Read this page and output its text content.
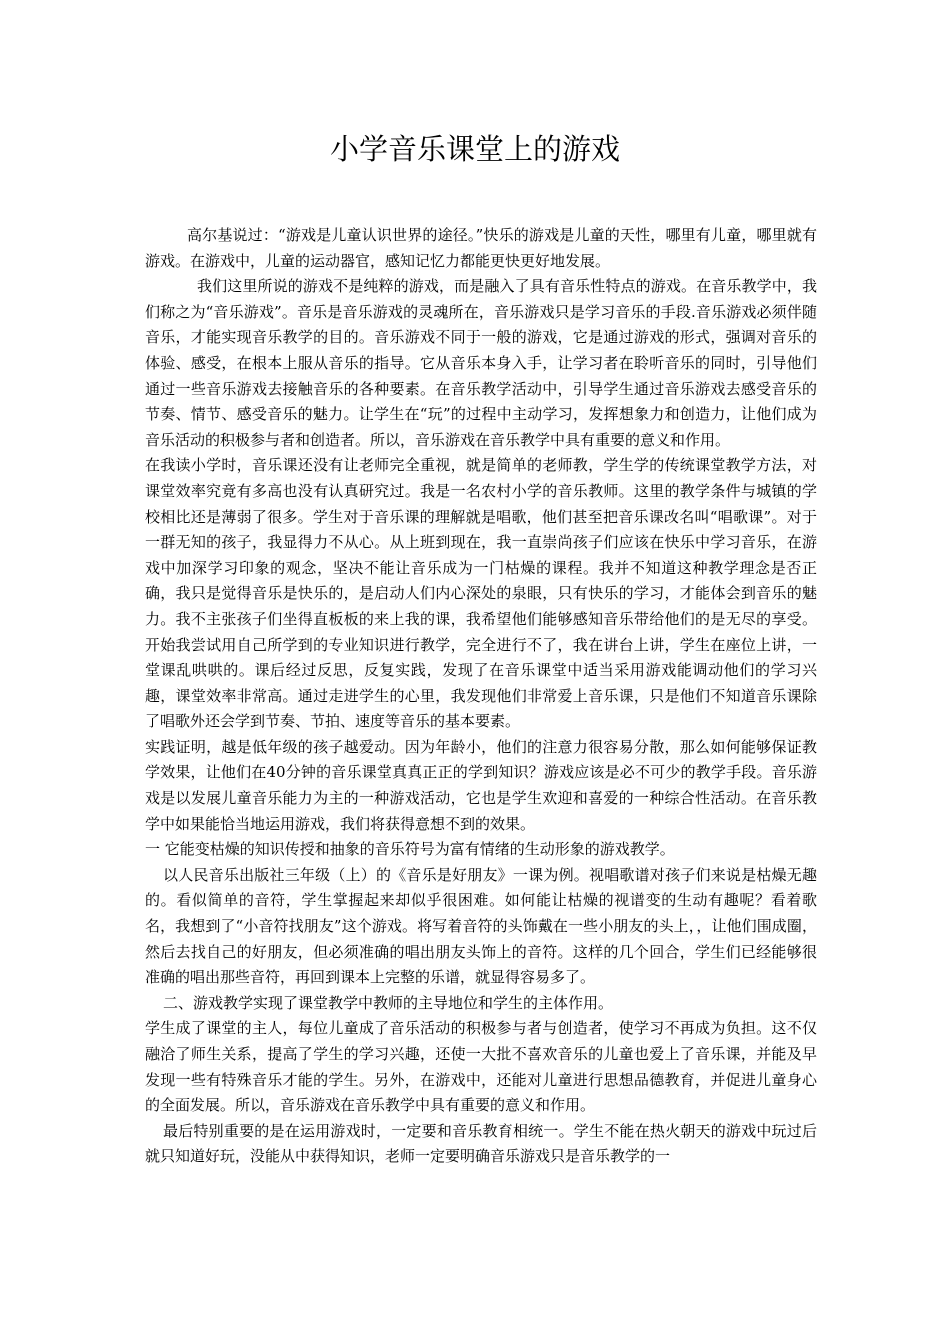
小学音乐课堂上的游戏

高尔基说过：“游戏是儿童认识世界的途径。”快乐的游戏是儿童的天性，哪里有儿童，哪里就有游戏。在游戏中，儿童的运动器官，感知记忆力都能更快更好地发展。

我们这里所说的游戏不是纯粹的游戏，而是融入了具有音乐性特点的游戏。在音乐教学中，我们称之为“音乐游戏”。音乐是音乐游戏的灵魂所在，音乐游戏只是学习音乐的手段.音乐游戏必须伴随音乐，才能实现音乐教学的目的。音乐游戏不同于一般的游戏，它是通过游戏的形式，强调对音乐的体验、感受，在根本上服从音乐的指导。它从音乐本身入手，让学习者在聆听音乐的同时，引导他们通过一些音乐游戏去接触音乐的各种要素。在音乐教学活动中，引导学生通过音乐游戏去感受音乐的节奏、情节、感受音乐的魅力。让学生在“玩”的过程中主动学习，发挥想象力和创造力，让他们成为音乐活动的积极参与者和创造者。所以，音乐游戏在音乐教学中具有重要的意义和作用。

在我读小学时，音乐课还没有让老师完全重视，就是简单的老师教，学生学的传统课堂教学方法，对课堂效率究竟有多高也没有认真研究过。我是一名农村小学的音乐教师。这里的教学条件与城镇的学校相比还是薄弱了很多。学生对于音乐课的理解就是唱歌，他们甚至把音乐课改名叫“唱歌课”。对于一群无知的孩子，我显得力不从心。从上班到现在，我一直崇尚孩子们应该在快乐中学习音乐，在游戏中加深学习印象的观念，坚决不能让音乐成为一门枯燥的课程。我并不知道这种教学理念是否正确，我只是觉得音乐是快乐的，是启动人们内心深处的泉眼，只有快乐的学习，才能体会到音乐的魅力。我不主张孩子们坐得直板板的来上我的课，我希望他们能够感知音乐带给他们的是无尽的享受。开始我尝试用自己所学到的专业知识进行教学，完全进行不了，我在讲台上讲，学生在座位上讲，一堂课乱哄哄的。课后经过反思，反复实践，发现了在音乐课堂中适当采用游戏能调动他们的学习兴趣，课堂效率非常高。通过走进学生的心里，我发现他们非常爱上音乐课，只是他们不知道音乐课除了唱歌外还会学到节奏、节拍、速度等音乐的基本要素。

实践证明，越是低年级的孩子越爱动。因为年龄小，他们的注意力很容易分散，那么如何能够保证教学效果，让他们在40分钟的音乐课堂真真正正的学到知识？游戏应该是必不可少的教学手段。音乐游戏是以发展儿童音乐能力为主的一种游戏活动，它也是学生欢迎和喜爱的一种综合性活动。在音乐教学中如果能恰当地运用游戏，我们将获得意想不到的效果。

一 它能变枯燥的知识传授和抽象的音乐符号为富有情绪的生动形象的游戏教学。

以人民音乐出版社三年级（上）的《音乐是好朋友》一课为例。视唱歌谱对孩子们来说是枯燥无趣的。看似简单的音符，学生掌握起来却似乎很困难。如何能让枯燥的视谱变的生动有趣呢？看着歌名，我想到了“小音符找朋友”这个游戏。将写着音符的头饰戴在一些小朋友的头上，，让他们围成圈，然后去找自己的好朋友，但必须准确的唱出朋友头饰上的音符。这样的几个回合，学生们已经能够很准确的唱出那些音符，再回到课本上完整的乐谱，就显得容易多了。

二、游戏教学实现了课堂教学中教师的主导地位和学生的主体作用。

学生成了课堂的主人，每位儿童成了音乐活动的积极参与者与创造者，使学习不再成为负担。这不仅融洽了师生关系，提高了学生的学习兴趣，还使一大批不喜欢音乐的儿童也爱上了音乐课，并能及早发现一些有特殊音乐才能的学生。另外，在游戏中，还能对儿童进行思想品德教育，并促进儿童身心的全面发展。所以，音乐游戏在音乐教学中具有重要的意义和作用。

最后特别重要的是在运用游戏时，一定要和音乐教育相统一。学生不能在热火朝天的游戏中玩过后就只知道好玩，没能从中获得知识，老师一定要明确音乐游戏只是音乐教学的一
